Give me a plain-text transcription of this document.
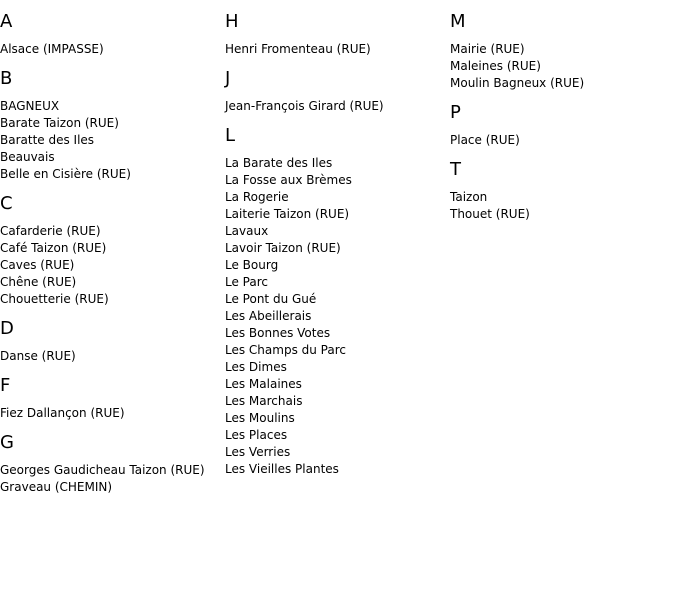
A
Alsace (IMPASSE)
B
BAGNEUX
Barate Taizon (RUE)
Baratte des Iles
Beauvais
Belle en Cisière (RUE)
C
Cafarderie (RUE)
Café Taizon (RUE)
Caves (RUE)
Chêne (RUE)
Chouetterie (RUE)
D
Danse (RUE)
F
Fiez Dallançon (RUE)
G
Georges Gaudicheau Taizon (RUE)
Graveau (CHEMIN)
H
Henri Fromenteau (RUE)
J
Jean-François Girard (RUE)
L
La Barate des Iles
La Fosse aux Brèmes
La Rogerie
Laiterie Taizon (RUE)
Lavaux
Lavoir Taizon (RUE)
Le Bourg
Le Parc
Le Pont du Gué
Les Abeillerais
Les Bonnes Votes
Les Champs du Parc
Les Dimes
Les Malaines
Les Marchais
Les Moulins
Les Places
Les Verries
Les Vieilles Plantes
M
Mairie (RUE)
Maleines (RUE)
Moulin Bagneux (RUE)
P
Place (RUE)
T
Taizon
Thouet (RUE)
